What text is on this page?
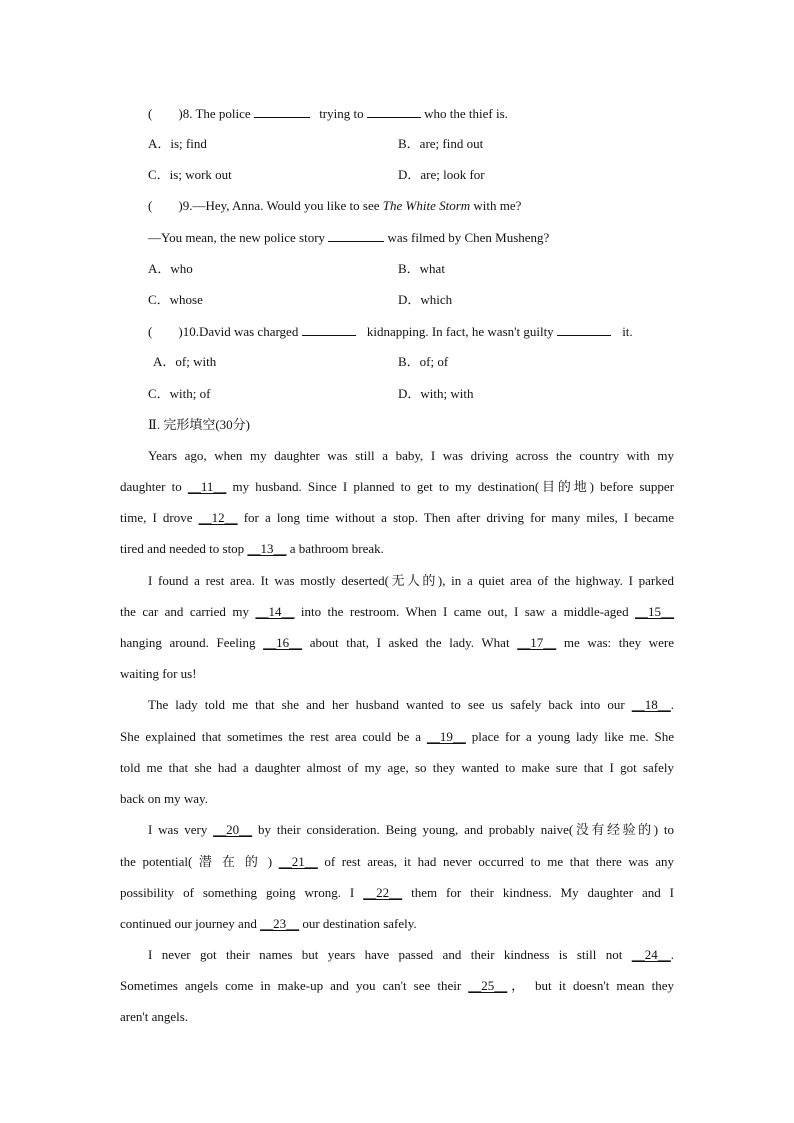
( )8. The police	trying to	who the thief is.
A．is; find	B．are; find out
C．is; work out	D．are; look for
( )9.—Hey, Anna. Would you like to see The White Storm with me?
—You mean, the new police story	was filmed by Chen Musheng?
A．who	B．what
C．whose	D．which
( )10.David was charged	kidnapping. In fact, he wasn't guilty	it.
A．of; with	B．of; of
C．with; of	D．with; with
Ⅱ. 完形填空(30分)
Years ago, when my daughter was still a baby, I was driving across the country with my
daughter to __11__ my husband. Since I planned to get to my destination(目的地) before supper
time, I drove __12__ for a long time without a stop. Then after driving for many miles, I became
tired and needed to stop __13__ a bathroom break.
I found a rest area. It was mostly deserted(无人的), in a quiet area of the highway. I parked
the car and carried my __14__ into the restroom. When I came out, I saw a middle-aged __15__
hanging around. Feeling __16__ about that, I asked the lady. What __17__ me was: they were
waiting for us!
The lady told me that she and her husband wanted to see us safely back into our __18__.
She explained that sometimes the rest area could be a __19__ place for a young lady like me. She
told me that she had a daughter almost of my age, so they wanted to make sure that I got safely
back on my way.
I was very __20__ by their consideration. Being young, and probably naive(没有经验的) to
the potential( 潜 在 的 ) __21__ of rest areas, it had never occurred to me that there was any
possibility of something going wrong. I __22__ them for their kindness. My daughter and I
continued our journey and __23__ our destination safely.
I never got their names but years have passed and their kindness is still not __24__.
Sometimes angels come in make-up and you can't see their __25__， but it doesn't mean they
aren't angels.
